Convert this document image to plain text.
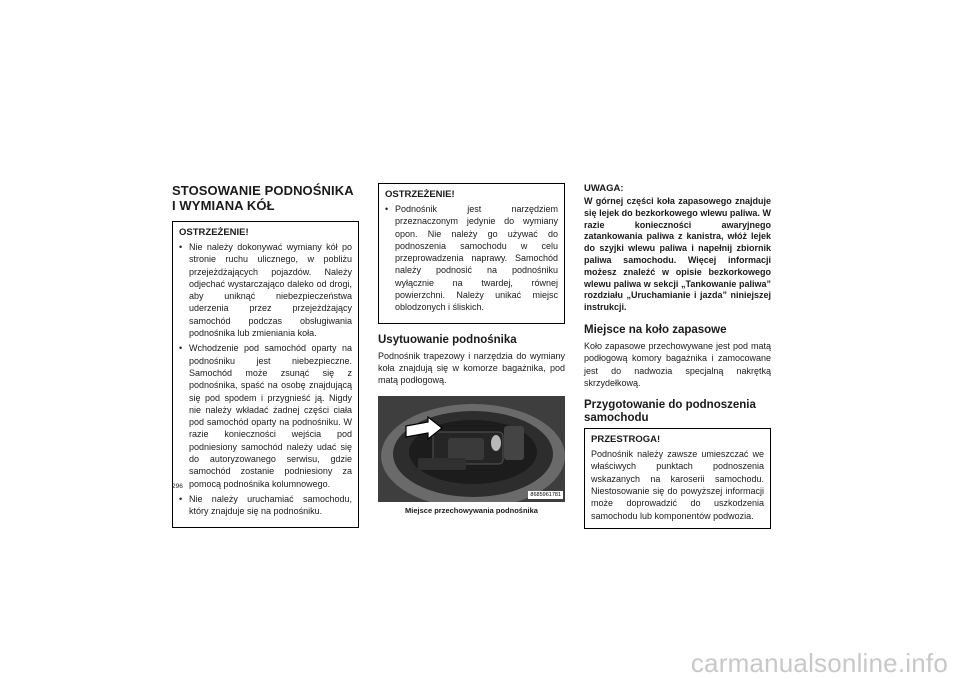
STOSOWANIE PODNOŚNIKA
I WYMIANA KÓŁ
OSTRZEŻENIE!
• Nie należy dokonywać wymiany kół po stronie ruchu ulicznego, w pobliżu przejeżdżających pojazdów. Należy odjechać wystarczająco daleko od drogi, aby uniknąć niebezpieczeństwa uderzenia przez przejeżdżający samochód podczas obsługiwania podnośnika lub zmieniania koła.
• Wchodzenie pod samochód oparty na podnośniku jest niebezpieczne. Samochód może zsunąć się z podnośnika, spaść na osobę znajdującą się pod spodem i przygnieść ją. Nigdy nie należy wkładać żadnej części ciała pod samochód oparty na podnośniku. W razie konieczności wejścia pod podniesiony samochód należy udać się do autoryzowanego serwisu, gdzie samochód zostanie podniesiony za pomocą podnośnika kolumnowego.
• Nie należy uruchamiać samochodu, który znajduje się na podnośniku.
OSTRZEŻENIE!
• Podnośnik jest narzędziem przeznaczonym jedynie do wymiany opon. Nie należy go używać do podnoszenia samochodu w celu przeprowadzenia naprawy. Samochód należy podnosić na podnośniku wyłącznie na twardej, równej powierzchni. Należy unikać miejsc oblodzonych i śliskich.
Usytuowanie podnośnika

Podnośnik trapezowy i narzędzia do wymiany koła znajdują się w komorze bagażnika, pod matą podłogową.

8685961781
Miejsce przechowywania podnośnika
UWAGA:

W górnej części koła zapasowego znajduje się lejek do bezkorkowego wlewu paliwa. W razie konieczności awaryjnego zatankowania paliwa z kanistra, włóż lejek do szyjki wlewu paliwa i napełnij zbiornik paliwa samochodu. Więcej informacji możesz znaleźć w opisie bezkorkowego wlewu paliwa w sekcji „Tankowanie paliwa” rozdziału „Uruchamianie i jazda” niniejszej instrukcji.

Miejsce na koło zapasowe

Koło zapasowe przechowywane jest pod matą podłogową komory bagażnika i zamocowane jest do nadwozia specjalną nakrętką skrzydełkową.

Przygotowanie do podnoszenia samochodu
PRZESTROGA!

Podnośnik należy zawsze umieszczać we właściwych punktach podnoszenia wskazanych na karoserii samochodu. Niestosowanie się do powyższej informacji może doprowadzić do uszkodzenia samochodu lub komponentów podwozia.

296
carmanualsonline.info
